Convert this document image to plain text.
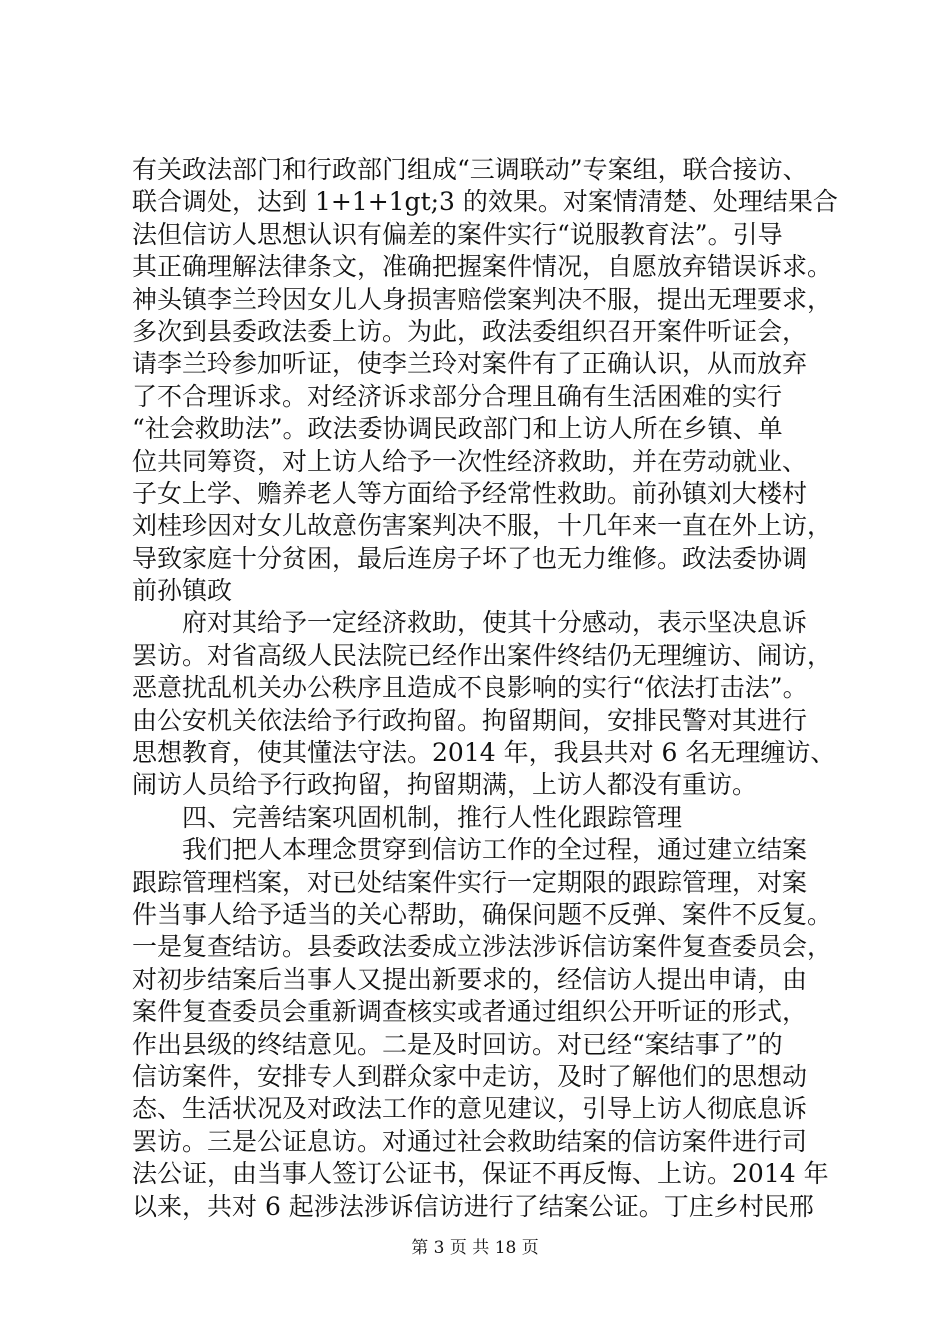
有关政法部门和行政部门组成“三调联动”专案组，联合接访、
联合调处，达到 1+1+1gt;3 的效果。对案情清楚、处理结果合
法但信访人思想认识有偏差的案件实行“说服教育法”。引导
其正确理解法律条文，准确把握案件情况，自愿放弃错误诉求。
神头镇李兰玲因女儿人身损害赔偿案判决不服，提出无理要求，
多次到县委政法委上访。为此，政法委组织召开案件听证会，
请李兰玲参加听证，使李兰玲对案件有了正确认识，从而放弃
了不合理诉求。对经济诉求部分合理且确有生活困难的实行
“社会救助法”。政法委协调民政部门和上访人所在乡镇、单
位共同筹资，对上访人给予一次性经济救助，并在劳动就业、
子女上学、赡养老人等方面给予经常性救助。前孙镇刘大楼村
刘桂珍因对女儿故意伤害案判决不服，十几年来一直在外上访，
导致家庭十分贫困，最后连房子坏了也无力维修。政法委协调
前孙镇政
府对其给予一定经济救助，使其十分感动，表示坚决息诉
罢访。对省高级人民法院已经作出案件终结仍无理缠访、闹访，
恶意扰乱机关办公秩序且造成不良影响的实行“依法打击法”。
由公安机关依法给予行政拘留。拘留期间，安排民警对其进行
思想教育，使其懂法守法。2014 年，我县共对 6 名无理缠访、
闹访人员给予行政拘留，拘留期满，上访人都没有重访。
四、完善结案巩固机制，推行人性化跟踪管理
我们把人本理念贯穿到信访工作的全过程，通过建立结案
跟踪管理档案，对已处结案件实行一定期限的跟踪管理，对案
件当事人给予适当的关心帮助，确保问题不反弹、案件不反复。
一是复查结访。县委政法委成立涉法涉诉信访案件复查委员会，
对初步结案后当事人又提出新要求的，经信访人提出申请，由
案件复查委员会重新调查核实或者通过组织公开听证的形式，
作出县级的终结意见。二是及时回访。对已经“案结事了”的
信访案件，安排专人到群众家中走访，及时了解他们的思想动
态、生活状况及对政法工作的意见建议，引导上访人彻底息诉
罢访。三是公证息访。对通过社会救助结案的信访案件进行司
法公证，由当事人签订公证书，保证不再反悔、上访。2014 年
以来，共对 6 起涉法涉诉信访进行了结案公证。丁庄乡村民邢
第 3 页 共 18 页
